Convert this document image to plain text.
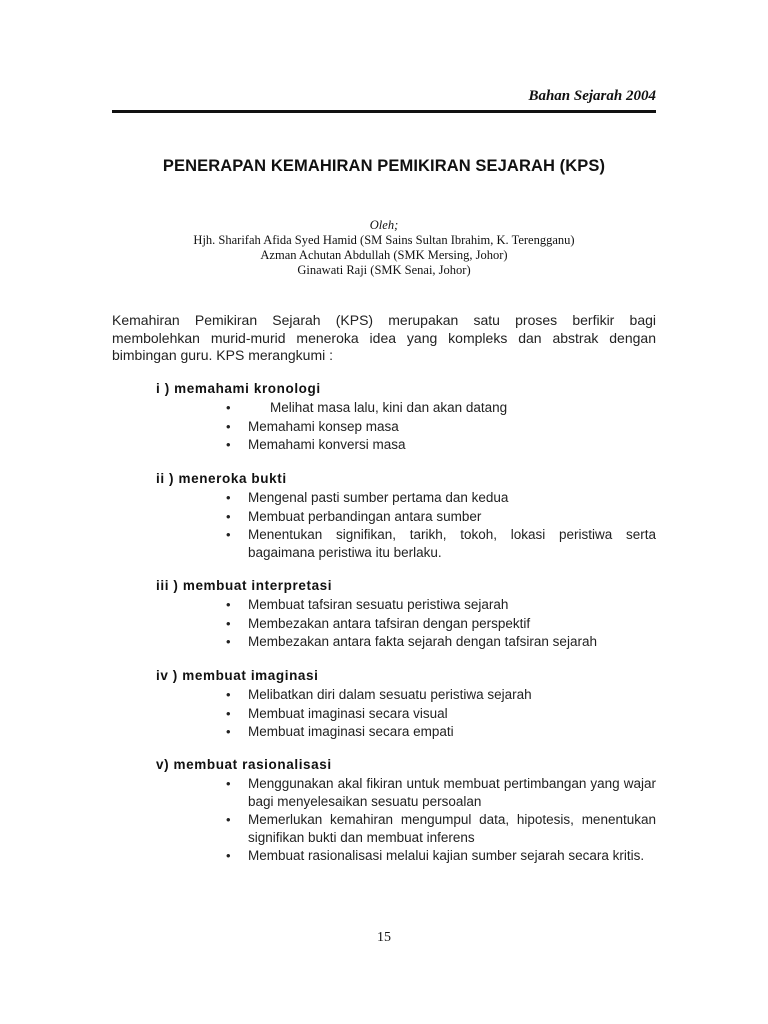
Bahan Sejarah 2004

PENERAPAN KEMAHIRAN PEMIKIRAN SEJARAH (KPS)
Oleh;
Hjh. Sharifah Afida Syed Hamid (SM Sains Sultan Ibrahim, K. Terengganu)
Azman Achutan Abdullah (SMK Mersing, Johor)
Ginawati Raji (SMK Senai, Johor)

Kemahiran Pemikiran Sejarah (KPS) merupakan satu proses berfikir bagi membolehkan murid-murid meneroka idea yang kompleks dan abstrak dengan bimbingan guru. KPS merangkumi :

i ) memahami kronologi
•	Melihat masa lalu, kini dan akan datang
• Memahami konsep masa
• Memahami konversi masa
ii ) meneroka bukti
• Mengenal pasti sumber pertama dan kedua
• Membuat perbandingan antara sumber
• Menentukan signifikan, tarikh, tokoh, lokasi peristiwa serta bagaimana peristiwa itu berlaku.
iii ) membuat interpretasi
• Membuat tafsiran sesuatu peristiwa sejarah
• Membezakan antara tafsiran dengan perspektif
• Membezakan antara fakta sejarah dengan tafsiran sejarah
iv ) membuat imaginasi
• Melibatkan diri dalam sesuatu peristiwa sejarah
• Membuat imaginasi secara visual
• Membuat imaginasi secara empati
v) membuat rasionalisasi
• Menggunakan akal fikiran untuk membuat pertimbangan yang wajar bagi menyelesaikan sesuatu persoalan
• Memerlukan kemahiran mengumpul data, hipotesis, menentukan signifikan bukti dan membuat inferens
• Membuat rasionalisasi melalui kajian sumber sejarah secara kritis.
15
